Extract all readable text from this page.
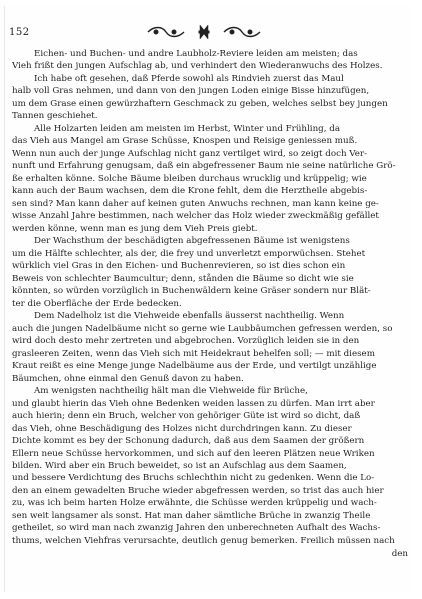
152
Eichen- und Buchen- und andre Laubholz-Reviere leiden am meisten; das
Vieh frißt den jungen Aufschlag ab, und verhindert den Wiederanwuchs des Holzes.
Ich habe oft gesehen, daß Pferde sowohl als Rindvieh zuerst das Maul
halb voll Gras nehmen, und dann von den jungen Loden einige Bisse hinzufügen,
um dem Grase einen gewürzhaftern Geschmack zu geben, welches selbst bey jungen
Tannen geschiehet.
Alle Holzarten leiden am meisten im Herbst, Winter und Frühling, da
das Vieh aus Mangel am Grase Schüsse, Knospen und Reisige geniessen muß.
Wenn nun auch der junge Aufschlag nicht ganz vertilget wird, so zeigt doch Ver-
nunft und Erfahrung genugsam, daß ein abgefressener Baum nie seine natürliche Grö-
ße erhalten könne. Solche Bäume bleiben durchaus wrucklig und krüppelig; wie
kann auch der Baum wachsen, dem die Krone fehlt, dem die Herztheile abgebis-
sen sind? Man kann daher auf keinen guten Anwuchs rechnen, man kann keine ge-
wisse Anzahl Jahre bestimmen, nach welcher das Holz wieder zweckmäßig gefället
werden könne, wenn man es jung dem Vieh Preis giebt.
Der Wachsthum der beschädigten abgefressenen Bäume ist wenigstens
um die Hälfte schlechter, als der, die frey und unverletzt emporwüchsen. Stehet
würklich viel Gras in den Eichen- und Buchenrevieren, so ist dies schon ein
Beweis von schlechter Baumcultur; denn, stånden die Bäume so dicht wie sie
könnten, so würden vorzüglich in Buchenwäldern keine Gräser sondern nur Blät-
ter die Oberfläche der Erde bedecken.
Dem Nadelholz ist die Viehweide ebenfalls äusserst nachtheilig. Wenn
auch die jungen Nadelbäume nicht so gerne wie Laubbäumchen gefressen werden, so
wird doch desto mehr zertreten und abgebrochen. Vorzüglich leiden sie in den
grasleeren Zeiten, wenn das Vieh sich mit Heidekraut behelfen soll; — mit diesem
Kraut reißt es eine Menge junge Nadelbäume aus der Erde, und vertilgt unzählige
Bäumchen, ohne einmal den Genuß davon zu haben.
Am wenigsten nachtheilig hält man die Viehweide für Brüche,
und glaubt hierin das Vieh ohne Bedenken weiden lassen zu dürfen. Man irrt aber
auch hierin; denn ein Bruch, welcher von gehöriger Güte ist wird so dicht, daß
das Vieh, ohne Beschädigung des Holzes nicht durchdringen kann. Zu dieser
Dichte kommt es bey der Schonung dadurch, daß aus dem Saamen der größern
Ellern neue Schüsse hervorkommen, und sich auf den leeren Plätzen neue Wriken
bilden. Wird aber ein Bruch beweidet, so ist an Aufschlag aus dem Saamen,
und bessere Verdichtung des Bruchs schlechthin nicht zu gedenken. Wenn die Lo-
den an einem gewadelten Bruche wieder abgefressen werden, so trist das auch hier
zu, was ich beim harten Holze erwähnte, die Schüsse werden krüppelig und wach-
sen weit langsamer als sonst. Hat man daher sämtliche Brüche in zwanzig Theile
getheilet, so wird man nach zwanzig Jahren den unberechneten Aufhalt des Wachs-
thums, welchen Viehfras verursachte, deutlich genug bemerken. Freilich müssen nach
den
